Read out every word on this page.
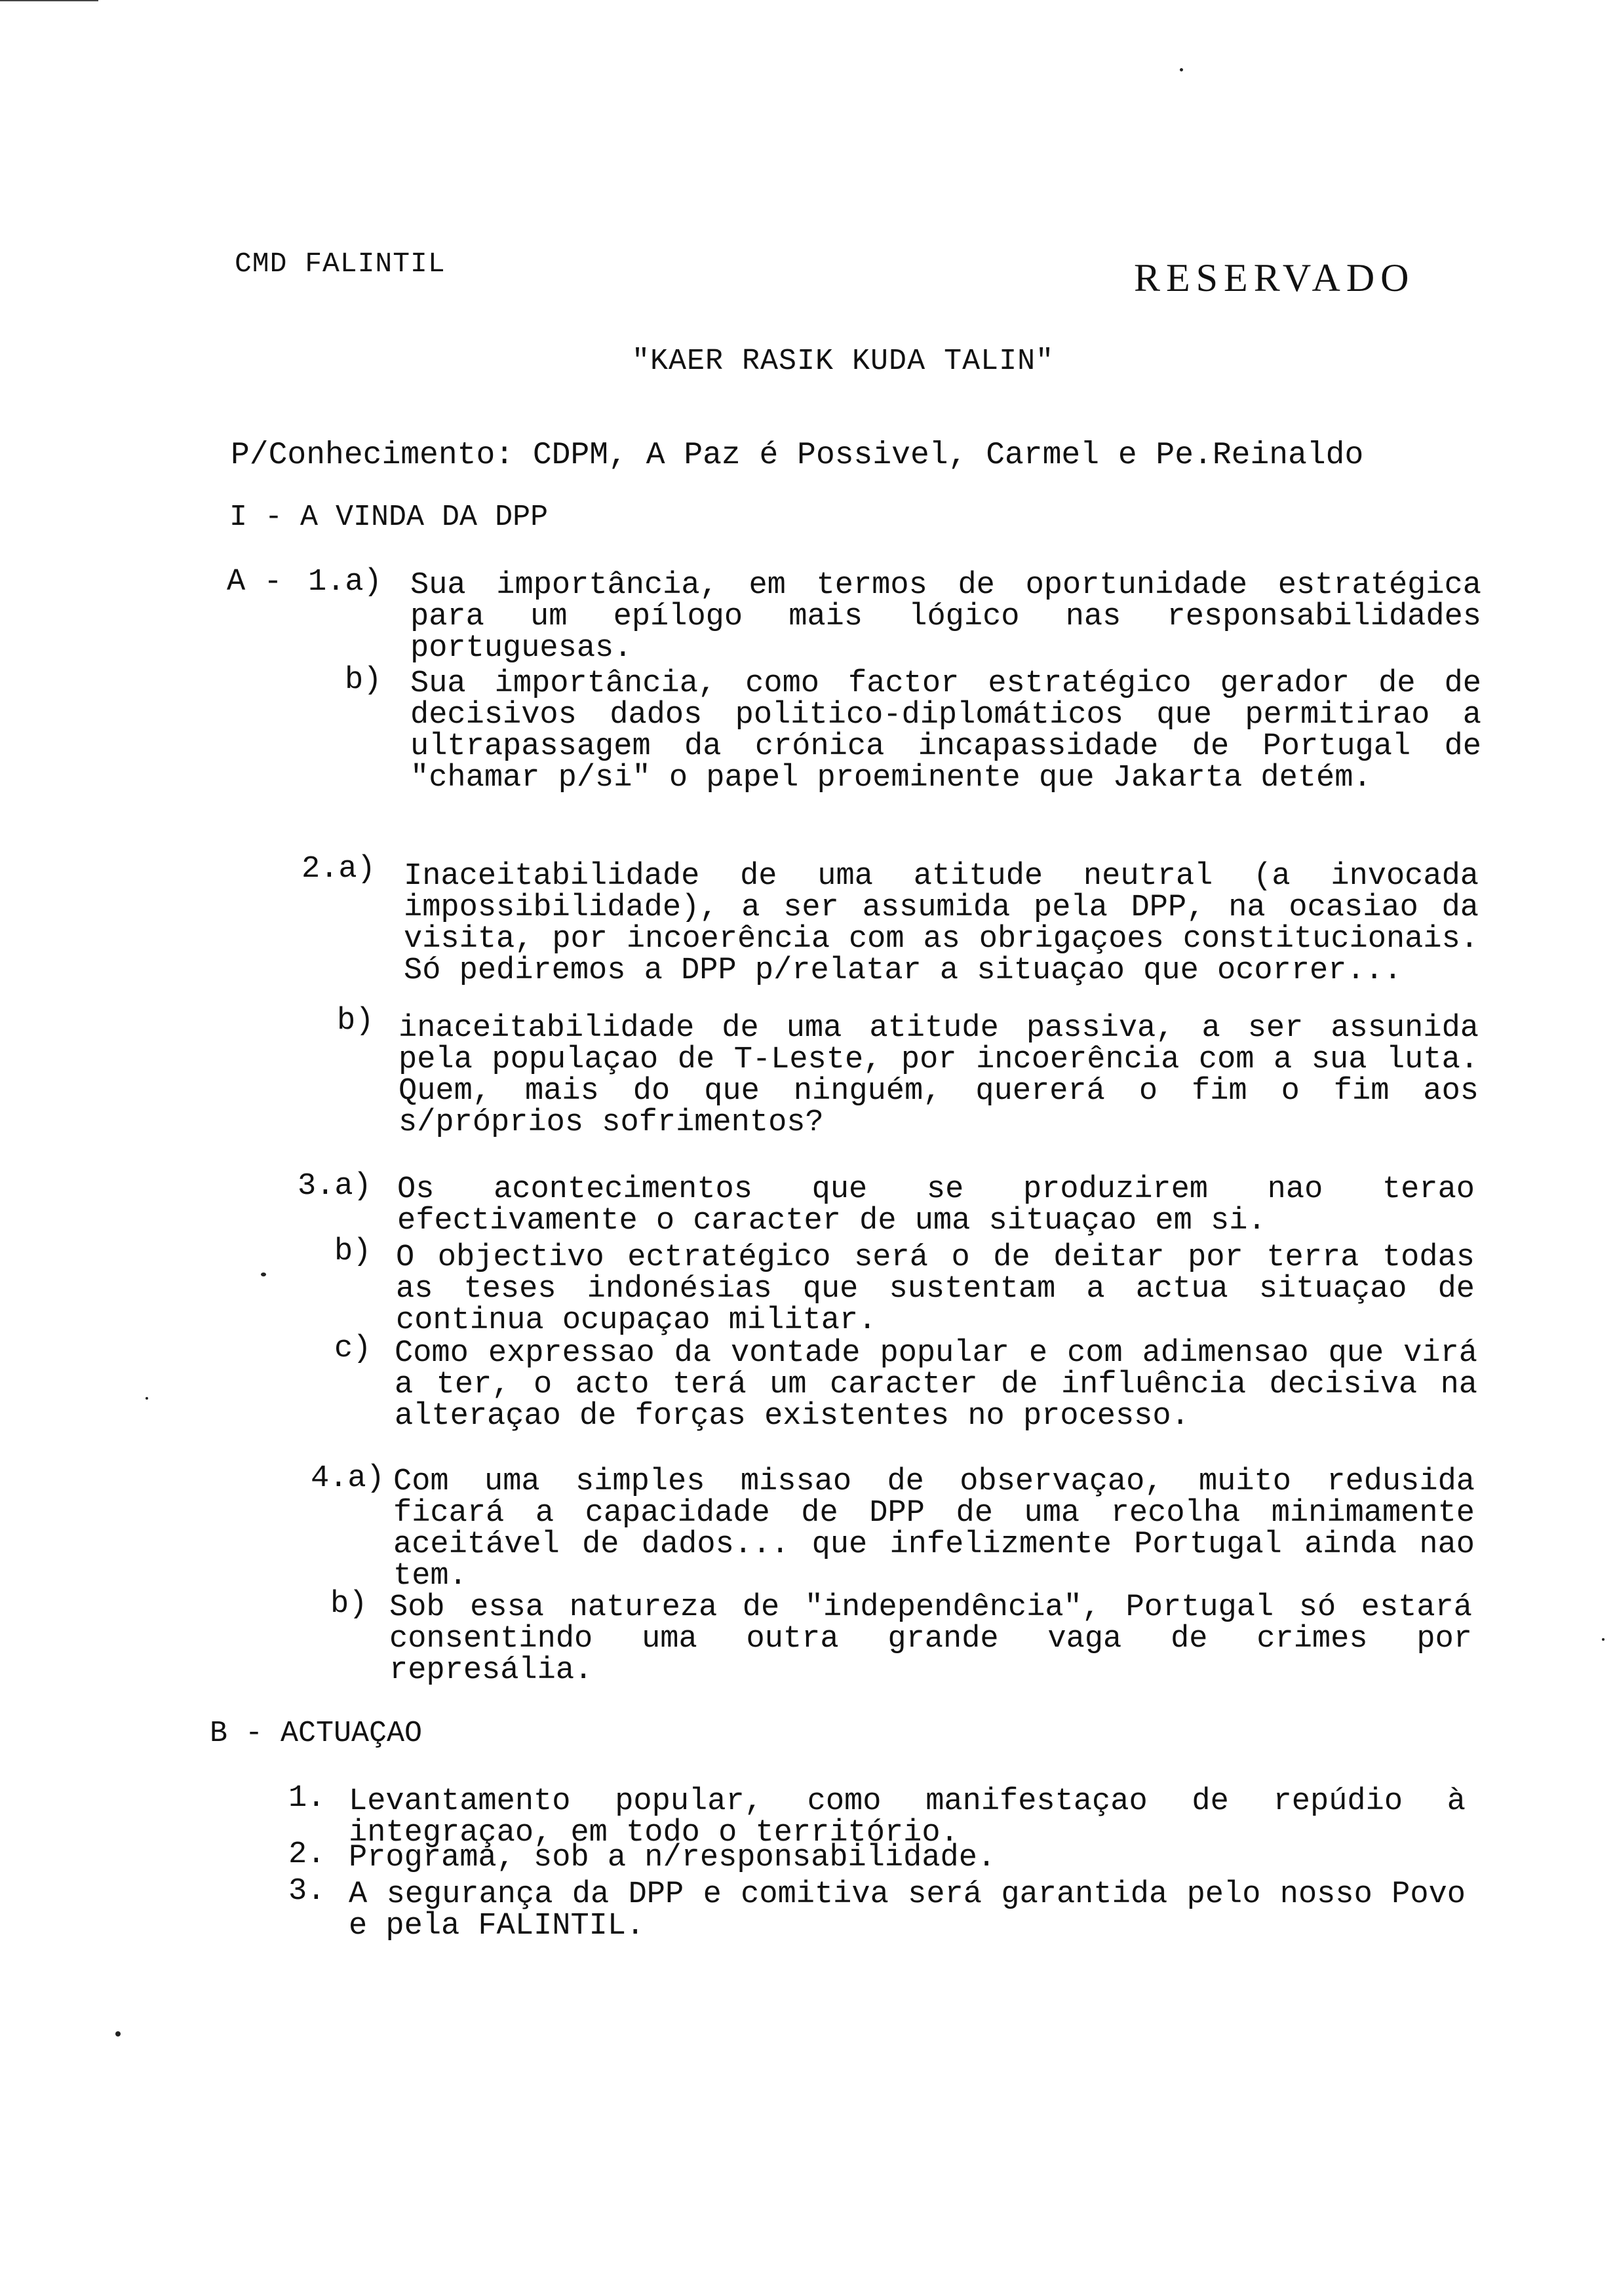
CMD FALINTIL	RESERVADO
"KAER RASIK KUDA TALIN"
P/Conhecimento: CDPM, A Paz é Possivel, Carmel e Pe.Reinaldo
I - A VINDA DA DPP
A - 1.a) Sua importância, em termos de oportunidade estratégica para um epílogo mais lógico nas responsabilidades portuguesas.
b) Sua importância, como factor estratégico gerador de de decisivos dados politico-diplomáticos que permitirao a ultrapassagem da crónica incapassidade de Portugal de "chamar p/si" o papel proeminente que Jakarta detém.
2.a) Inaceitabilidade de uma atitude neutral (a invocada impossibilidade), a ser assumida pela DPP, na ocasiao da visita, por incoerência com as obrigaçoes constitucionais. Só pediremos a DPP p/relatar a situaçao que ocorrer...
b) inaceitabilidade de uma atitude passiva, a ser assunida pela populaçao de T-Leste, por incoerência com a sua luta. Quem, mais do que ninguém, quererá o fim o fim aos s/próprios sofrimentos?
3.a) Os acontecimentos que se produzirem nao terao efectivamente o caracter de uma situaçao em si.
b) O objectivo ectratégico será o de deitar por terra todas as teses indonésias que sustentam a actua situaçao de continua ocupaçao militar.
c) Como expressao da vontade popular e com adimensao que virá a ter, o acto terá um caracter de influência decisiva na alteraçao de forças existentes no processo.
4.a) Com uma simples missao de observaçao, muito redusida ficará a capacidade de DPP de uma recolha minimamente aceitável de dados... que infelizmente Portugal ainda nao tem.
b) Sob essa natureza de "independência", Portugal só estará consentindo uma outra grande vaga de crimes por represália.
B - ACTUAÇAO
1. Levantamento popular, como manifestaçao de repúdio à integraçao, em todo o território.
2. Programa, sob a n/responsabilidade.
3. A segurança da DPP e comitiva será garantida pelo nosso Povo e pela FALINTIL.
